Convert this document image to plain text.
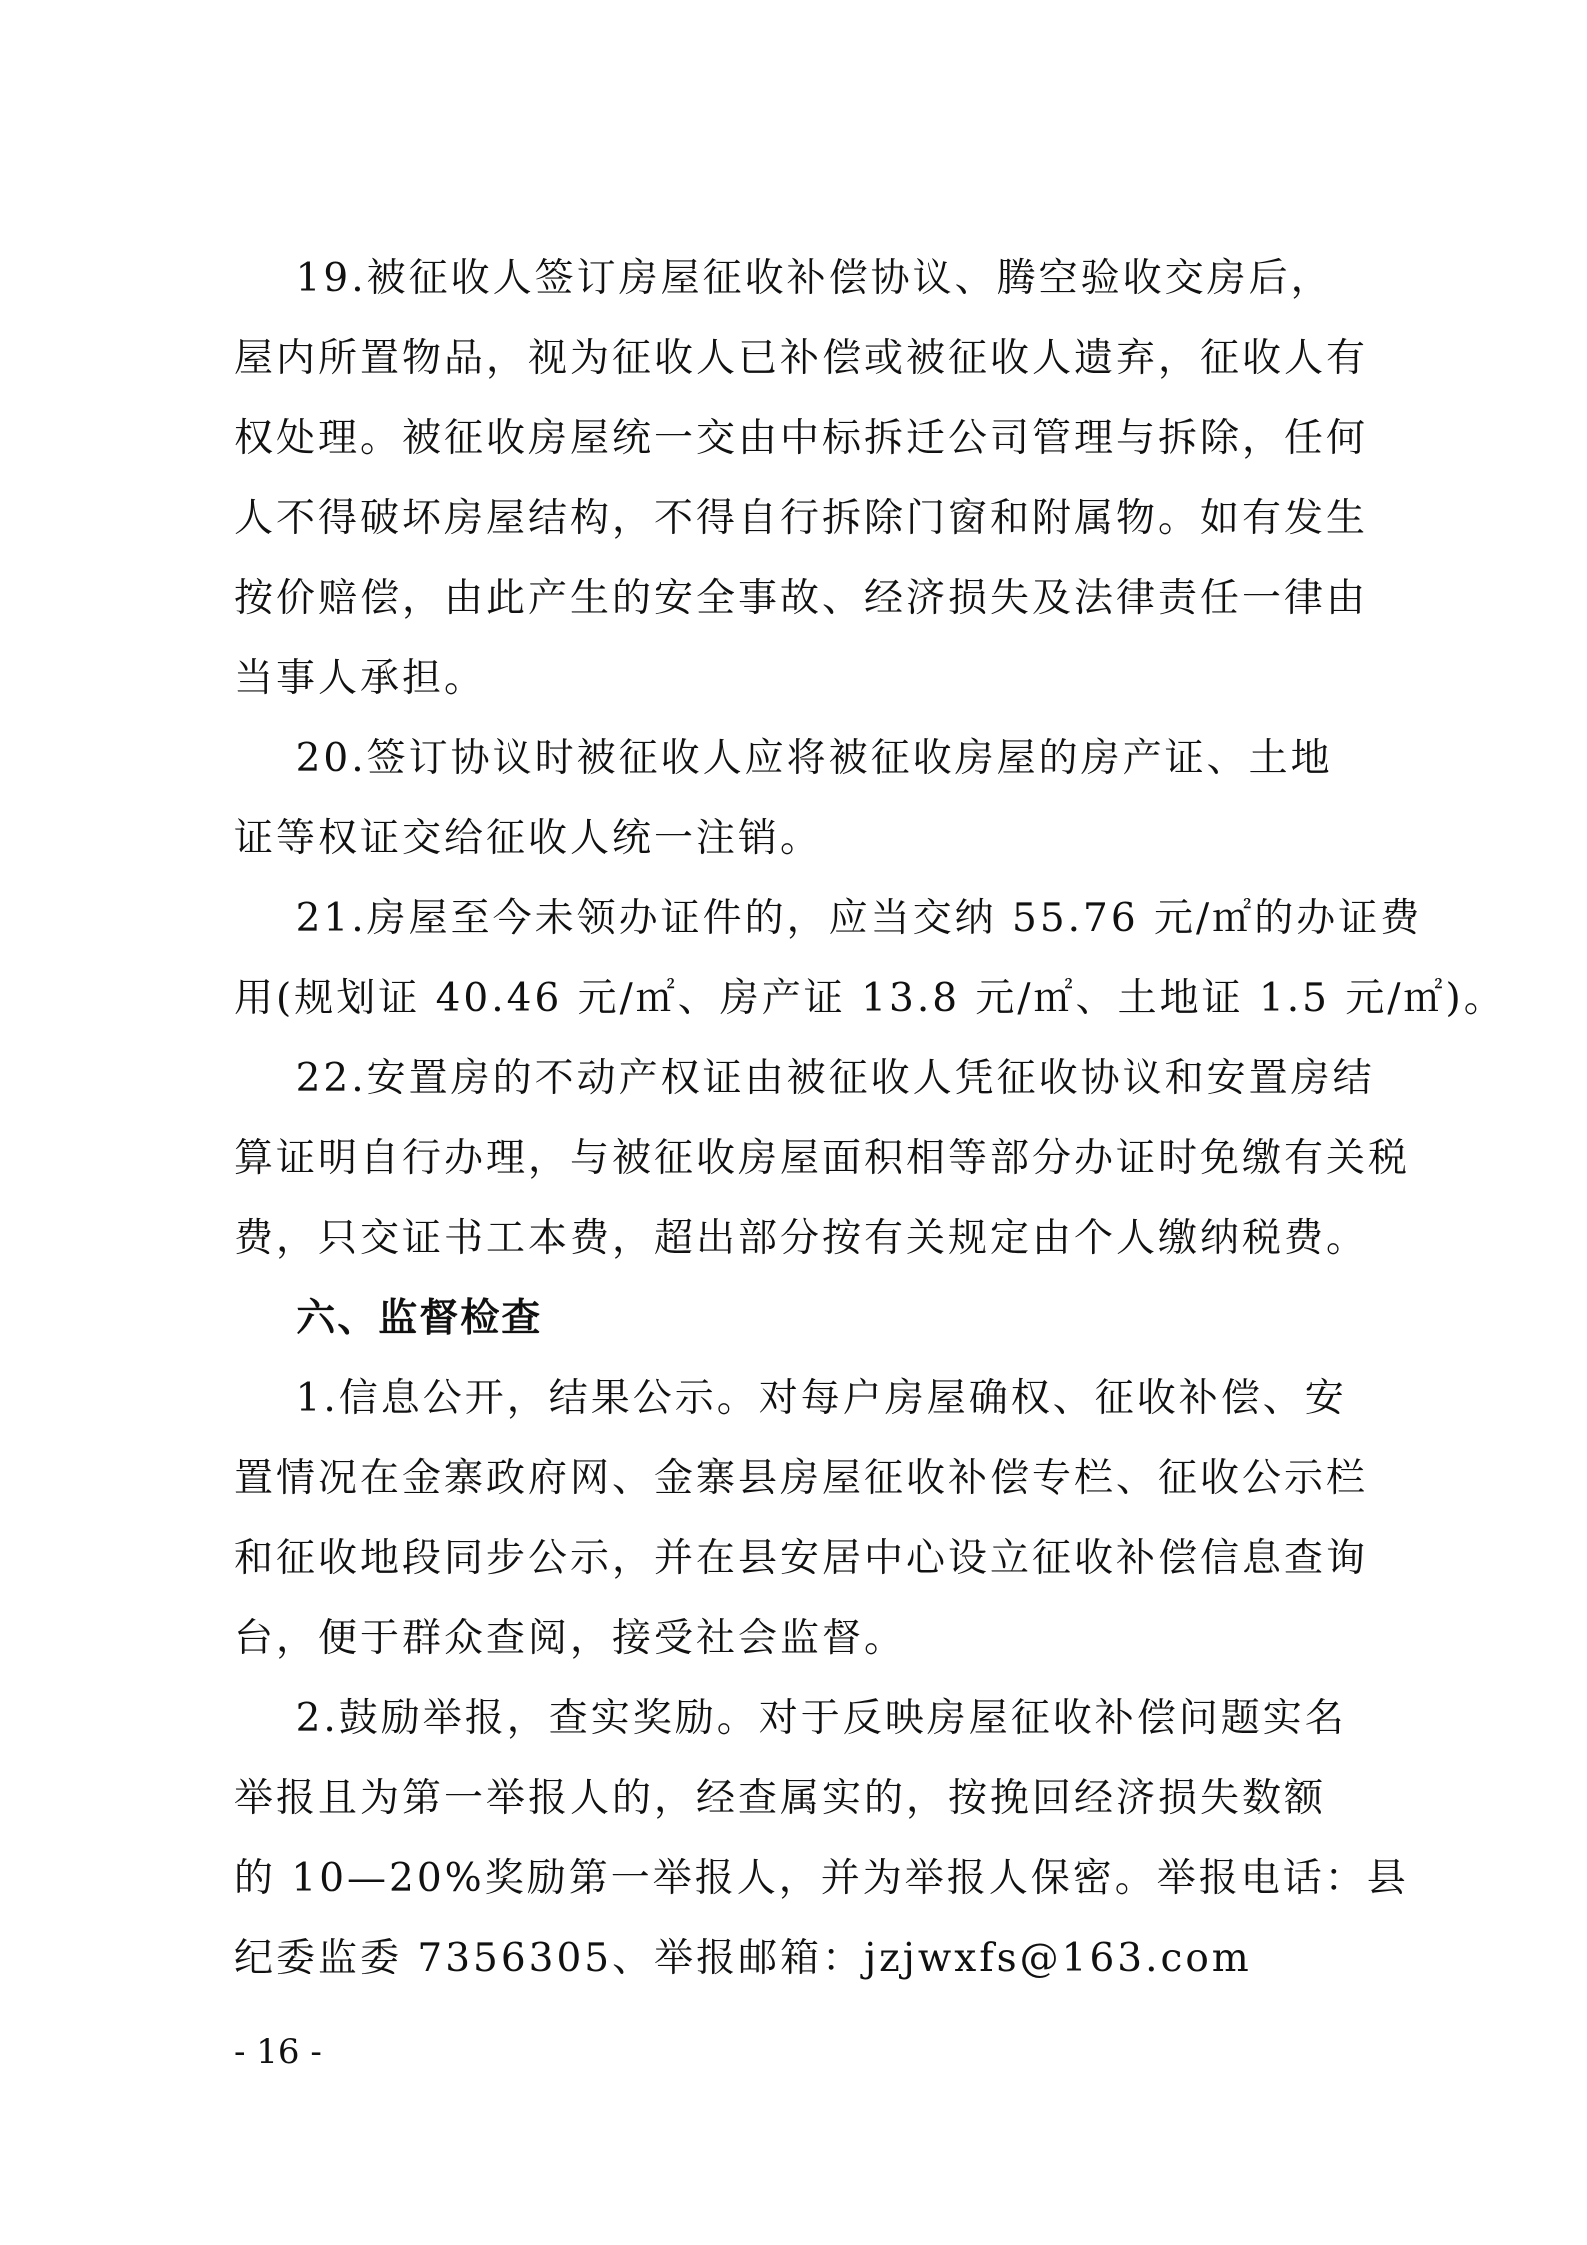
19.被征收人签订房屋征收补偿协议、腾空验收交房后，
屋内所置物品，视为征收人已补偿或被征收人遗弃，征收人有
权处理。被征收房屋统一交由中标拆迁公司管理与拆除，任何
人不得破坏房屋结构，不得自行拆除门窗和附属物。如有发生
按价赔偿，由此产生的安全事故、经济损失及法律责任一律由
当事人承担。
20.签订协议时被征收人应将被征收房屋的房产证、土地
证等权证交给征收人统一注销。
21.房屋至今未领办证件的，应当交纳 55.76 元/㎡的办证费
用(规划证 40.46 元/㎡、房产证 13.8 元/㎡、土地证 1.5 元/㎡)。
22.安置房的不动产权证由被征收人凭征收协议和安置房结
算证明自行办理，与被征收房屋面积相等部分办证时免缴有关税
费，只交证书工本费，超出部分按有关规定由个人缴纳税费。
六、监督检查
1.信息公开，结果公示。对每户房屋确权、征收补偿、安
置情况在金寨政府网、金寨县房屋征收补偿专栏、征收公示栏
和征收地段同步公示，并在县安居中心设立征收补偿信息查询
台，便于群众查阅，接受社会监督。
2.鼓励举报，查实奖励。对于反映房屋征收补偿问题实名
举报且为第一举报人的，经查属实的，按挽回经济损失数额
的 10—20%奖励第一举报人，并为举报人保密。举报电话：县
纪委监委 7356305、举报邮箱：jzjwxfs@163.com
- 16 -
